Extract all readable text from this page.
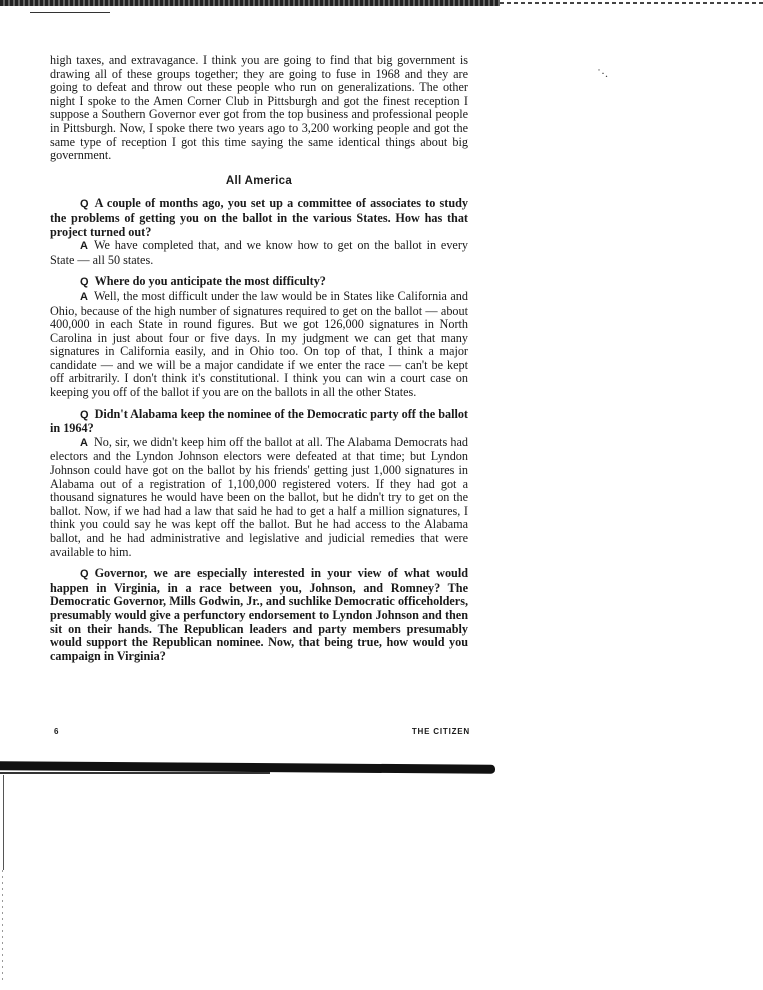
˙·.

high taxes, and extravagance. I think you are going to find that big government is drawing all of these groups together; they are going to fuse in 1968 and they are going to defeat and throw out these people who run on generalizations. The other night I spoke to the Amen Corner Club in Pittsburgh and got the finest reception I suppose a Southern Governor ever got from the top business and professional people in Pittsburgh. Now, I spoke there two years ago to 3,200 working people and got the same type of reception I got this time saying the same identical things about big government.

All America

Q A couple of months ago, you set up a committee of associates to study the problems of getting you on the ballot in the various States. How has that project turned out?

A We have completed that, and we know how to get on the ballot in every State — all 50 states.

Q Where do you anticipate the most difficulty?

A Well, the most difficult under the law would be in States like California and Ohio, because of the high number of signatures required to get on the ballot — about 400,000 in each State in round figures. But we got 126,000 signatures in North Carolina in just about four or five days. In my judgment we can get that many signatures in California easily, and in Ohio too. On top of that, I think a major candidate — and we will be a major candidate if we enter the race — can't be kept off arbitrarily. I don't think it's constitutional. I think you can win a court case on keeping you off of the ballot if you are on the ballots in all the other States.

Q Didn't Alabama keep the nominee of the Democratic party off the ballot in 1964?

A No, sir, we didn't keep him off the ballot at all. The Alabama Democrats had electors and the Lyndon Johnson electors were defeated at that time; but Lyndon Johnson could have got on the ballot by his friends' getting just 1,000 signatures in Alabama out of a registration of 1,100,000 registered voters. If they had got a thousand signatures he would have been on the ballot, but he didn't try to get on the ballot. Now, if we had had a law that said he had to get a half a million signatures, I think you could say he was kept off the ballot. But he had access to the Alabama ballot, and he had administrative and legislative and judicial remedies that were available to him.

Q Governor, we are especially interested in your view of what would happen in Virginia, in a race between you, Johnson, and Romney? The Democratic Governor, Mills Godwin, Jr., and suchlike Democratic officeholders, presumably would give a perfunctory endorsement to Lyndon Johnson and then sit on their hands. The Republican leaders and party members presumably would support the Republican nominee. Now, that being true, how would you campaign in Virginia?

6	THE CITIZEN
